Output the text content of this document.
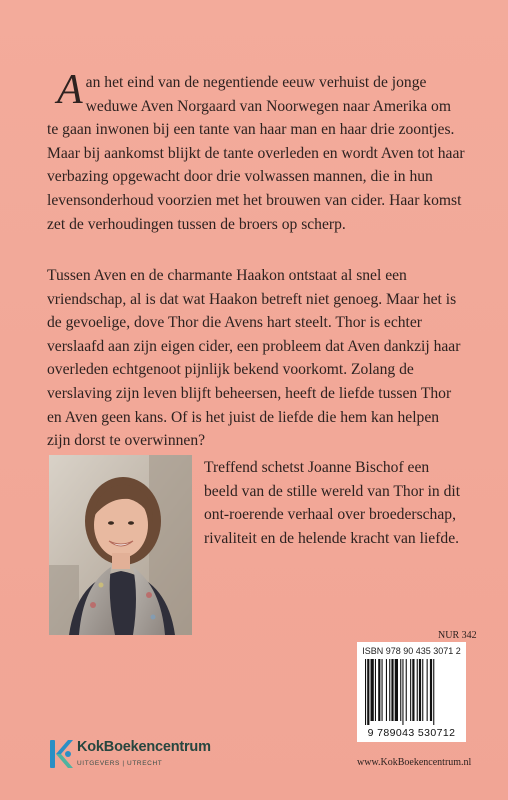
Aan het eind van de negentiende eeuw verhuist de jonge weduwe Aven Norgaard van Noorwegen naar Amerika om te gaan inwonen bij een tante van haar man en haar drie zoontjes. Maar bij aankomst blijkt de tante overleden en wordt Aven tot haar verbazing opgewacht door drie volwassen mannen, die in hun levensonderhoud voorzien met het brouwen van cider. Haar komst zet de verhoudingen tussen de broers op scherp.

Tussen Aven en de charmante Haakon ontstaat al snel een vriendschap, al is dat wat Haakon betreft niet genoeg. Maar het is de gevoelige, dove Thor die Avens hart steelt. Thor is echter verslaafd aan zijn eigen cider, een probleem dat Aven dankzij haar overleden echtgenoot pijnlijk bekend voorkomt. Zolang de verslaving zijn leven blijft beheersen, heeft de liefde tussen Thor en Aven geen kans. Of is het juist de liefde die hem kan helpen zijn dorst te overwinnen?

Treffend schetst Joanne Bischof een beeld van de stille wereld van Thor in dit ont-roerende verhaal over broederschap, rivaliteit en de helende kracht van liefde.

NUR 342
ISBN 978 90 435 3071 2
9 789043 530712
www.KokBoekencentrum.nl
KokBoekencentrum
UITGEVERS | UTRECHT
